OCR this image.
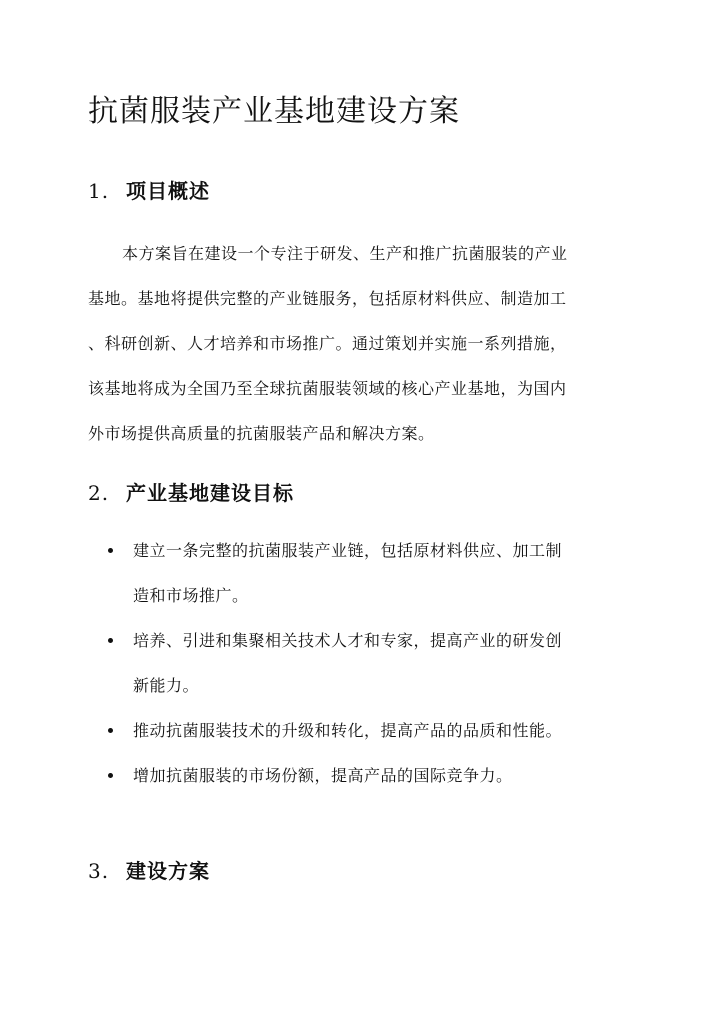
抗菌服装产业基地建设方案
1. 项目概述
本方案旨在建设一个专注于研发、生产和推广抗菌服装的产业
基地。基地将提供完整的产业链服务，包括原材料供应、制造加工
、科研创新、人才培养和市场推广。通过策划并实施一系列措施，
该基地将成为全国乃至全球抗菌服装领域的核心产业基地，为国内
外市场提供高质量的抗菌服装产品和解决方案。
2. 产业基地建设目标
建立一条完整的抗菌服装产业链，包括原材料供应、加工制
造和市场推广。
培养、引进和集聚相关技术人才和专家，提高产业的研发创
新能力。
推动抗菌服装技术的升级和转化，提高产品的品质和性能。
增加抗菌服装的市场份额，提高产品的国际竞争力。
3. 建设方案
